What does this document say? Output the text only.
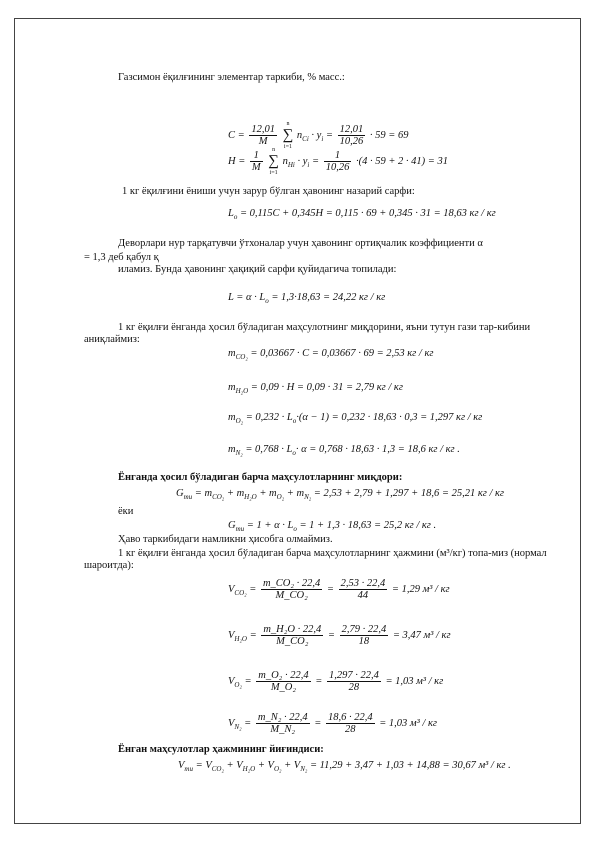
Газсимон ёқилғининг элементар таркиби, % масс.:
$C = \frac{12,01}{M}$
	n
∑
i=1
$n_{Ci} \cdot y_i = \frac{12,01}{10,26} \cdot 59 = 69$
$H = \frac{1}{M}$
	n
∑
i=1
$n_{Hi} \cdot y_i = \frac{1}{10,26} \cdot(4 \cdot 59 + 2 \cdot 41) = 31$
1 кг ёқилғини ёниши учун зарур бўлган ҳавонинг назарий сарфи:
$L_o = 0,115C + 0,345H = 0,115 \cdot 69 + 0,345 \cdot 31 = 18,63$ кг / кг
Деворлари нур тарқатувчи ўтхоналар учун ҳавонинг ортиқчалик коэффициенти α
= 1,3 деб қабул қ
иламиз. Бунда ҳавонинг ҳақиқий сарфи қуйидагича топилади:
$L = \alpha \cdot L_o = 1,3\cdot 18,63 = 24,22$ кг / кг
1 кг ёқилғи ёнганда ҳосил бўладиган маҳсулотнинг миқдорини, яъни тутун гази тар-кибини аниқлаймиз:
$m_{CO_2} = 0,03667 \cdot C = 0,03667 \cdot 69 = 2,53$ кг / кг
$m_{H_2O} = 0,09 \cdot H = 0,09 \cdot 31 = 2,79$ кг / кг
$m_{O_2} = 0,232 \cdot L_o\cdot(\alpha - 1) = 0,232 \cdot 18,63 \cdot 0,3 = 1,297$ кг / кг
$m_{N_2} = 0,768 \cdot L_o\cdot \alpha = 0,768 \cdot 18,63 \cdot 1,3 = 18,6$ кг / кг .
Ёнганда ҳосил бўладиган барча маҳсулотларнинг миқдори:
$G_{ти} = m_{CO_2} + m_{H_2O} + m_{O_2} + m_{N_2} = 2,53 + 2,79 + 1,297 + 18,6 = 25,21$ кг / кг
ёки
$G_{ти} = 1 + \alpha \cdot L_o = 1 + 1,3 \cdot 18,63 = 25,2$ кг / кг .
Ҳаво таркибидаги намликни ҳисобга олмаймиз.
1 кг ёқилғи ёнганда ҳосил бўладиган барча маҳсулотларнинг ҳажмини (м³/кг) топа-миз (нормал шароитда):
$V_{CO_2} = \frac{\text{m\_CO₂ · 22,4}}{\text{M\_CO₂}} = \frac{2,53 \cdot 22,4}{44} = 1,29$ м³ / кг
$V_{H_2O} = \frac{\text{m\_H₂O · 22,4}}{\text{M\_CO₂}} = \frac{2,79 \cdot 22,4}{18} = 3,47$ м³ / кг
$V_{O_2} = \frac{\text{m\_O₂ · 22,4}}{\text{M\_O₂}} = \frac{1,297 \cdot 22,4}{28} = 1,03$ м³ / кг
$V_{N_2} = \frac{\text{m\_N₂ · 22,4}}{\text{M\_N₂}} = \frac{18,6 \cdot 22,4}{28} = 1,03$ м³ / кг
Ёнган маҳсулотлар ҳажмининг йиғиндиси:
$V_{ти} = V_{CO_2} + V_{H_2O} + V_{O_2} + V_{N_2} = 11,29 + 3,47 + 1,03 + 14,88 = 30,67$ м³ / кг .
